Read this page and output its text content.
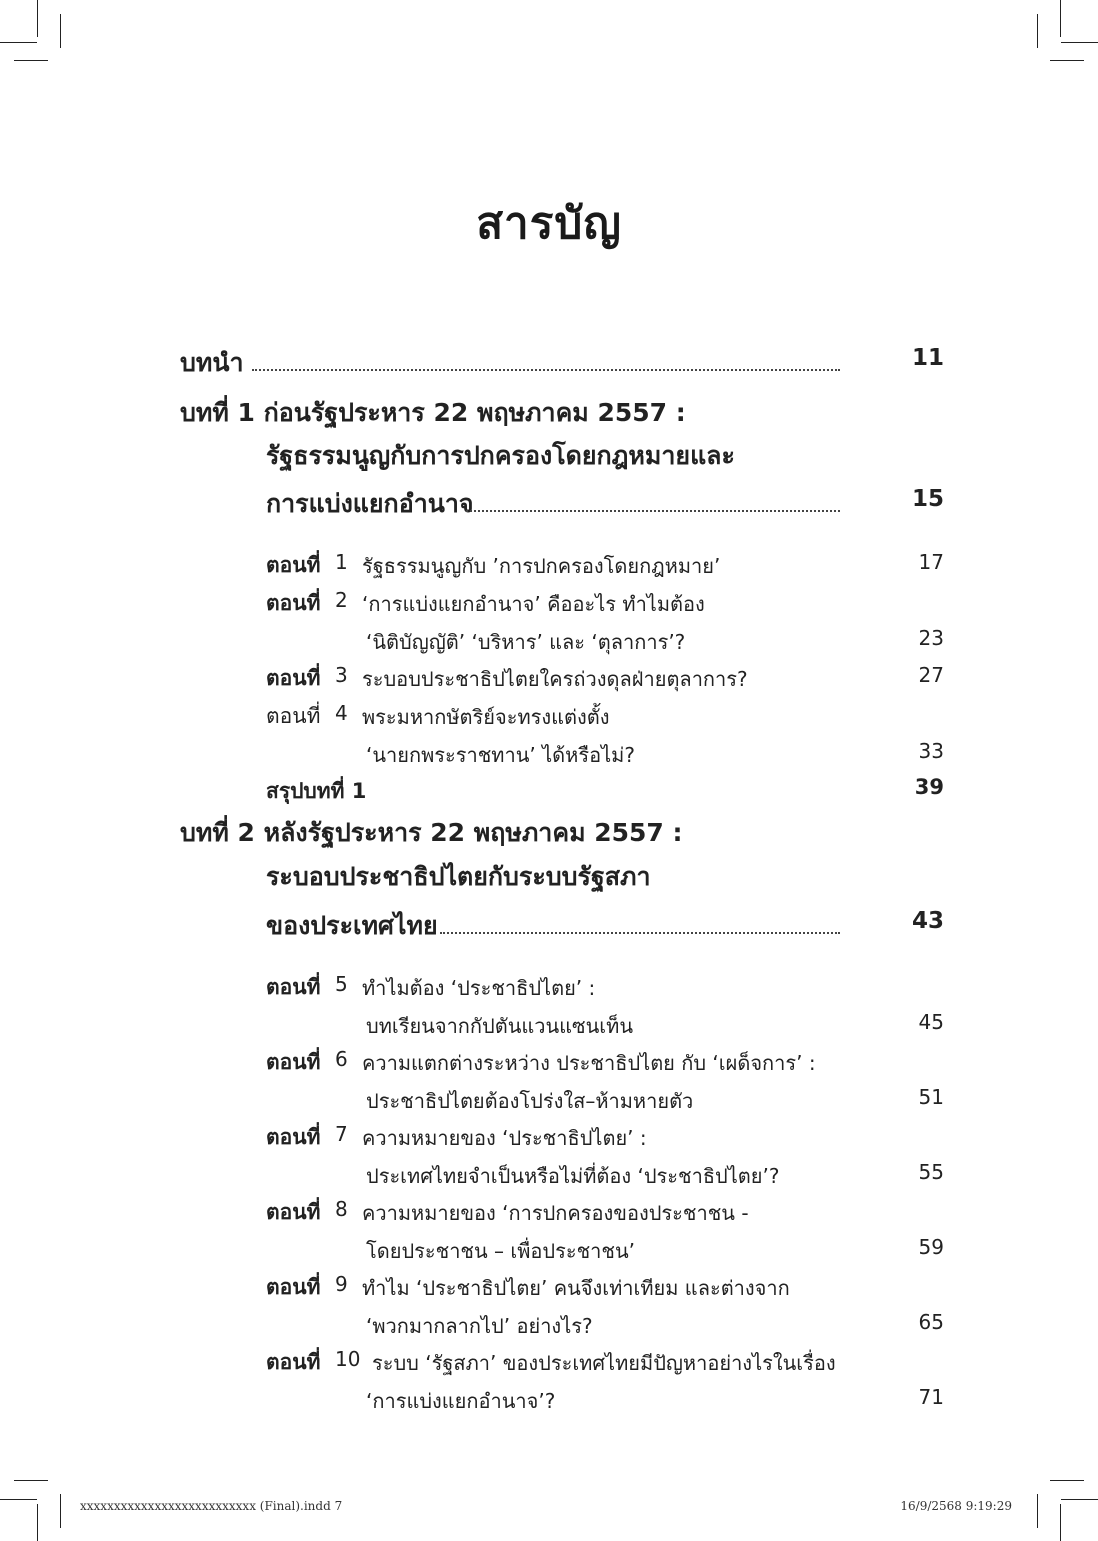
สารบัญ
บทนำ	11
บทที่ 1 ก่อนรัฐประหาร 22 พฤษภาคม 2557 :
รัฐธรรมนูญกับการปกครองโดยกฎหมายและ
การแบ่งแยกอำนาจ	15
ตอนที่ 1 รัฐธรรมนูญกับ ’การปกครองโดยกฎหมาย’	17
ตอนที่ 2 ‘การแบ่งแยกอำนาจ’ คืออะไร ทำไมต้อง
‘นิติบัญญัติ’ ‘บริหาร’ และ ‘ตุลาการ’?	23
ตอนที่ 3 ระบอบประชาธิปไตยใครถ่วงดุลฝ่ายตุลาการ?	27
ตอนที่ 4 พระมหากษัตริย์จะทรงแต่งตั้ง
‘นายกพระราชทาน’ ได้หรือไม่?	33
สรุปบทที่ 1	39
บทที่ 2 หลังรัฐประหาร 22 พฤษภาคม 2557 :
ระบอบประชาธิปไตยกับระบบรัฐสภา
ของประเทศไทย	43
ตอนที่ 5 ทำไมต้อง ‘ประชาธิปไตย’ :
บทเรียนจากกัปตันแวนแซนเท็น	45
ตอนที่ 6 ความแตกต่างระหว่าง ประชาธิปไตย กับ ‘เผด็จการ’ :
ประชาธิปไตยต้องโปร่งใส–ห้ามหายตัว	51
ตอนที่ 7 ความหมายของ ‘ประชาธิปไตย’ :
ประเทศไทยจำเป็นหรือไม่ที่ต้อง ‘ประชาธิปไตย’?	55
ตอนที่ 8 ความหมายของ ‘การปกครองของประชาชน -
โดยประชาชน – เพื่อประชาชน’	59
ตอนที่ 9 ทำไม ‘ประชาธิปไตย’ คนจึงเท่าเทียม และต่างจาก
‘พวกมากลากไป’ อย่างไร?	65
ตอนที่ 10 ระบบ ‘รัฐสภา’ ของประเทศไทยมีปัญหาอย่างไรในเรื่อง
‘การแบ่งแยกอำนาจ’?	71
xxxxxxxxxxxxxxxxxxxxxxxxxx (Final).indd 7	16/9/2568 9:19:29
